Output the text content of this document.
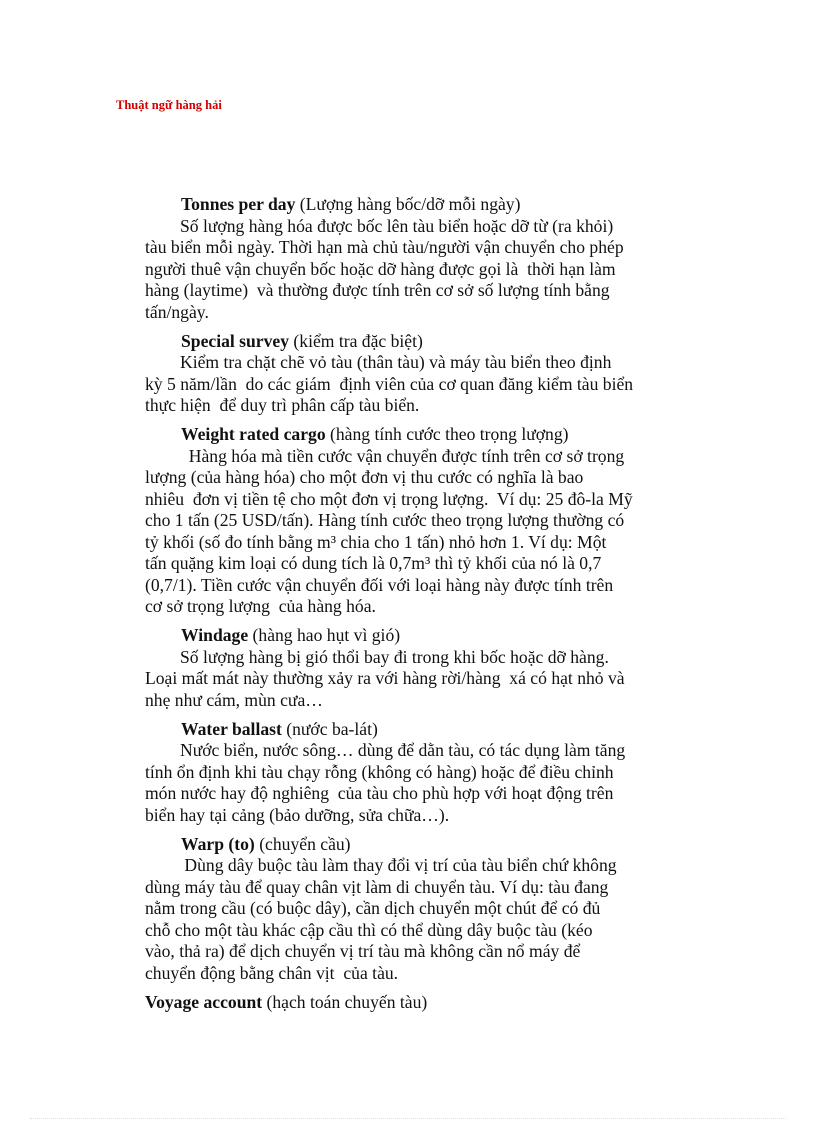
Thuật ngữ hàng hải
Tonnes per day (Lượng hàng bốc/dỡ mỗi ngày)
Số lượng hàng hóa được bốc lên tàu biển hoặc dỡ từ (ra khỏi)
tàu biển mỗi ngày. Thời hạn mà chủ tàu/người vận chuyển cho phép
người thuê vận chuyển bốc hoặc dỡ hàng được gọi là  thời hạn làm
hàng (laytime)  và thường được tính trên cơ sở số lượng tính bằng
tấn/ngày.
Special survey (kiểm tra đặc biệt)
Kiểm tra chặt chẽ vỏ tàu (thân tàu) và máy tàu biển theo định
kỳ 5 năm/lần  do các giám  định viên của cơ quan đăng kiểm tàu biển
thực hiện  để duy trì phân cấp tàu biển.
Weight rated cargo (hàng tính cước theo trọng lượng)
Hàng hóa mà tiền cước vận chuyển được tính trên cơ sở trọng
lượng (của hàng hóa) cho một đơn vị thu cước có nghĩa là bao
nhiêu  đơn vị tiền tệ cho một đơn vị trọng lượng.  Ví dụ: 25 đô-la Mỹ
cho 1 tấn (25 USD/tấn). Hàng tính cước theo trọng lượng thường có
tỷ khối (số đo tính bằng m³ chia cho 1 tấn) nhỏ hơn 1. Ví dụ: Một
tấn quặng kim loại có dung tích là 0,7m³ thì tỷ khối của nó là 0,7
(0,7/1). Tiền cước vận chuyển đối với loại hàng này được tính trên
cơ sở trọng lượng  của hàng hóa.
Windage (hàng hao hụt vì gió)
Số lượng hàng bị gió thổi bay đi trong khi bốc hoặc dỡ hàng.
Loại mất mát này thường xảy ra với hàng rời/hàng  xá có hạt nhỏ và
nhẹ như cám, mùn cưa…
Water ballast (nước ba-lát)
Nước biển, nước sông… dùng để dằn tàu, có tác dụng làm tăng
tính ổn định khi tàu chạy rỗng (không có hàng) hoặc để điều chỉnh
món nước hay độ nghiêng  của tàu cho phù hợp với hoạt động trên
biển hay tại cảng (bảo dưỡng, sửa chữa…).
Warp (to) (chuyển cầu)
Dùng dây buộc tàu làm thay đổi vị trí của tàu biển chứ không
dùng máy tàu để quay chân vịt làm di chuyển tàu. Ví dụ: tàu đang
nằm trong cầu (có buộc dây), cần dịch chuyển một chút để có đủ
chỗ cho một tàu khác cập cầu thì có thể dùng dây buộc tàu (kéo
vào, thả ra) để dịch chuyển vị trí tàu mà không cần nổ máy để
chuyển động bằng chân vịt  của tàu.
Voyage account (hạch toán chuyến tàu)
